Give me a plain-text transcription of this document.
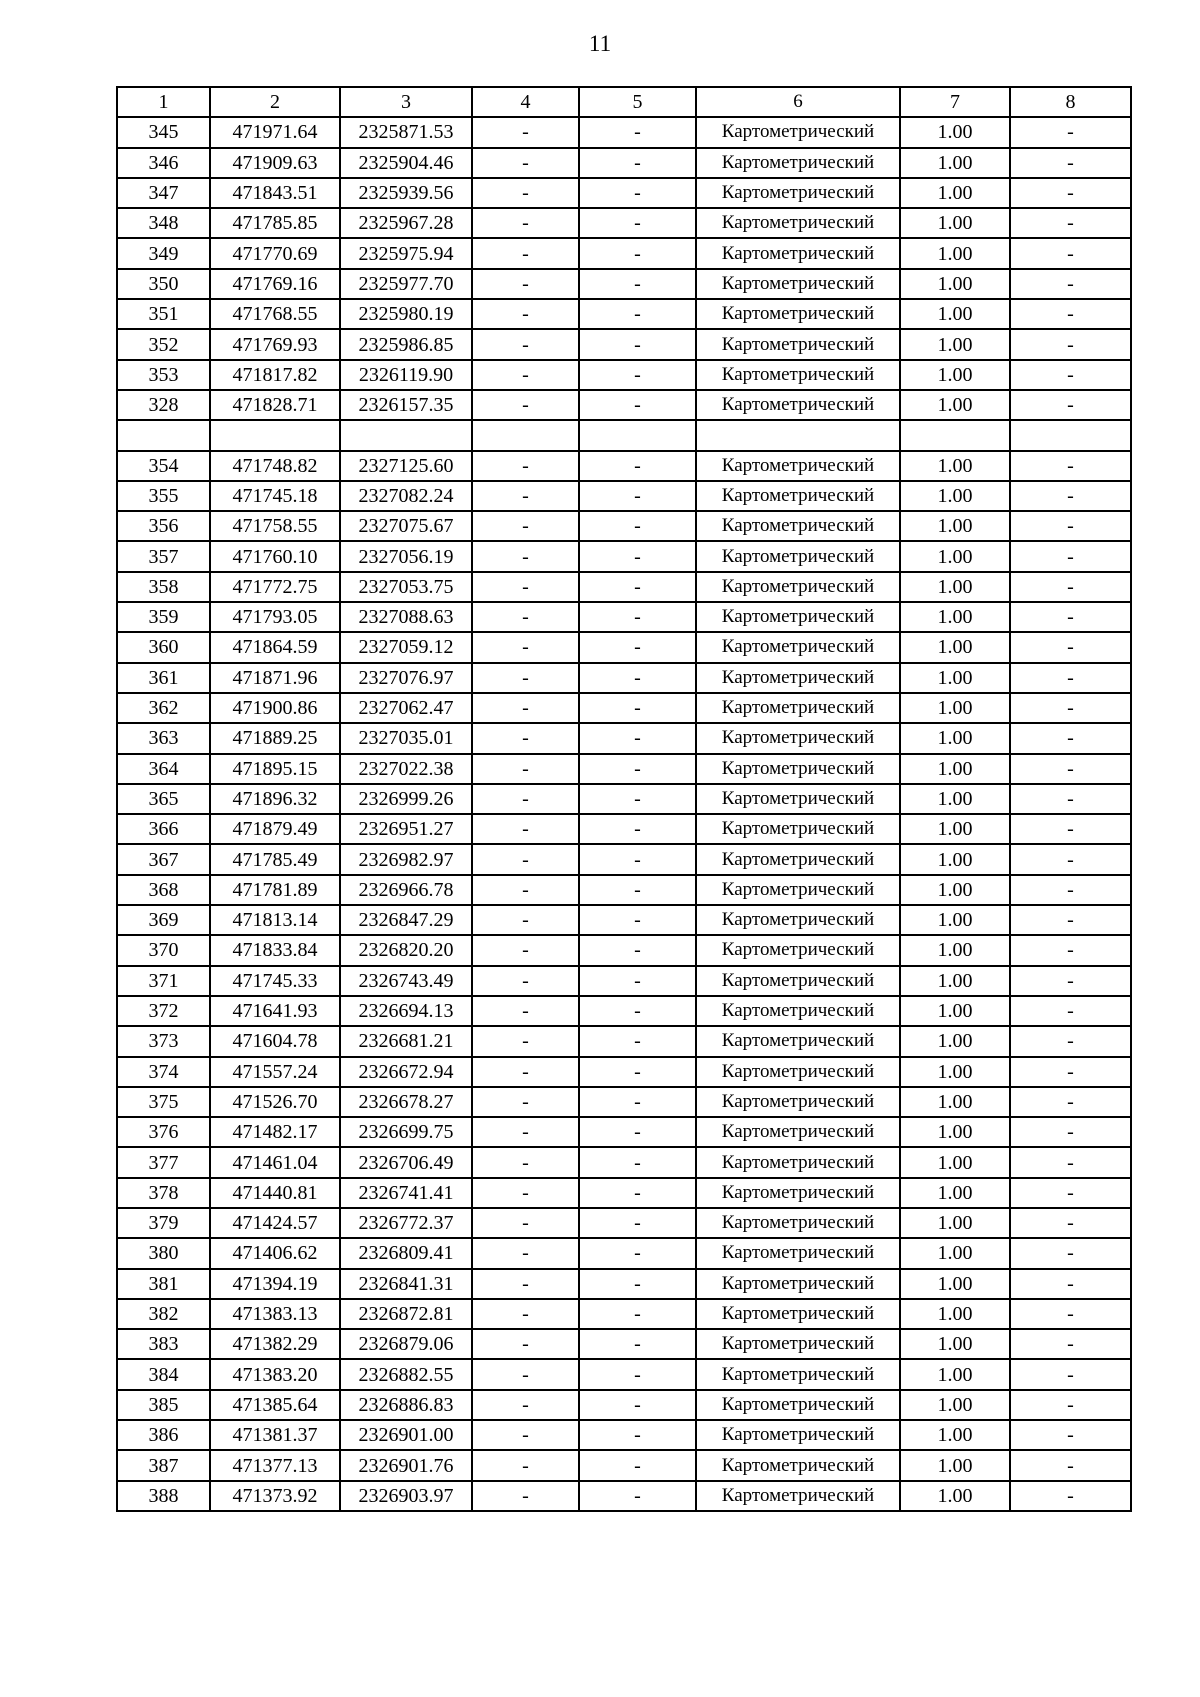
11
1	2	3	4	5	6	7	8
345	471971.64	2325871.53	-	-	Картометрический	1.00	-
346	471909.63	2325904.46	-	-	Картометрический	1.00	-
347	471843.51	2325939.56	-	-	Картометрический	1.00	-
348	471785.85	2325967.28	-	-	Картометрический	1.00	-
349	471770.69	2325975.94	-	-	Картометрический	1.00	-
350	471769.16	2325977.70	-	-	Картометрический	1.00	-
351	471768.55	2325980.19	-	-	Картометрический	1.00	-
352	471769.93	2325986.85	-	-	Картометрический	1.00	-
353	471817.82	2326119.90	-	-	Картометрический	1.00	-
328	471828.71	2326157.35	-	-	Картометрический	1.00	-

354	471748.82	2327125.60	-	-	Картометрический	1.00	-
355	471745.18	2327082.24	-	-	Картометрический	1.00	-
356	471758.55	2327075.67	-	-	Картометрический	1.00	-
357	471760.10	2327056.19	-	-	Картометрический	1.00	-
358	471772.75	2327053.75	-	-	Картометрический	1.00	-
359	471793.05	2327088.63	-	-	Картометрический	1.00	-
360	471864.59	2327059.12	-	-	Картометрический	1.00	-
361	471871.96	2327076.97	-	-	Картометрический	1.00	-
362	471900.86	2327062.47	-	-	Картометрический	1.00	-
363	471889.25	2327035.01	-	-	Картометрический	1.00	-
364	471895.15	2327022.38	-	-	Картометрический	1.00	-
365	471896.32	2326999.26	-	-	Картометрический	1.00	-
366	471879.49	2326951.27	-	-	Картометрический	1.00	-
367	471785.49	2326982.97	-	-	Картометрический	1.00	-
368	471781.89	2326966.78	-	-	Картометрический	1.00	-
369	471813.14	2326847.29	-	-	Картометрический	1.00	-
370	471833.84	2326820.20	-	-	Картометрический	1.00	-
371	471745.33	2326743.49	-	-	Картометрический	1.00	-
372	471641.93	2326694.13	-	-	Картометрический	1.00	-
373	471604.78	2326681.21	-	-	Картометрический	1.00	-
374	471557.24	2326672.94	-	-	Картометрический	1.00	-
375	471526.70	2326678.27	-	-	Картометрический	1.00	-
376	471482.17	2326699.75	-	-	Картометрический	1.00	-
377	471461.04	2326706.49	-	-	Картометрический	1.00	-
378	471440.81	2326741.41	-	-	Картометрический	1.00	-
379	471424.57	2326772.37	-	-	Картометрический	1.00	-
380	471406.62	2326809.41	-	-	Картометрический	1.00	-
381	471394.19	2326841.31	-	-	Картометрический	1.00	-
382	471383.13	2326872.81	-	-	Картометрический	1.00	-
383	471382.29	2326879.06	-	-	Картометрический	1.00	-
384	471383.20	2326882.55	-	-	Картометрический	1.00	-
385	471385.64	2326886.83	-	-	Картометрический	1.00	-
386	471381.37	2326901.00	-	-	Картометрический	1.00	-
387	471377.13	2326901.76	-	-	Картометрический	1.00	-
388	471373.92	2326903.97	-	-	Картометрический	1.00	-
